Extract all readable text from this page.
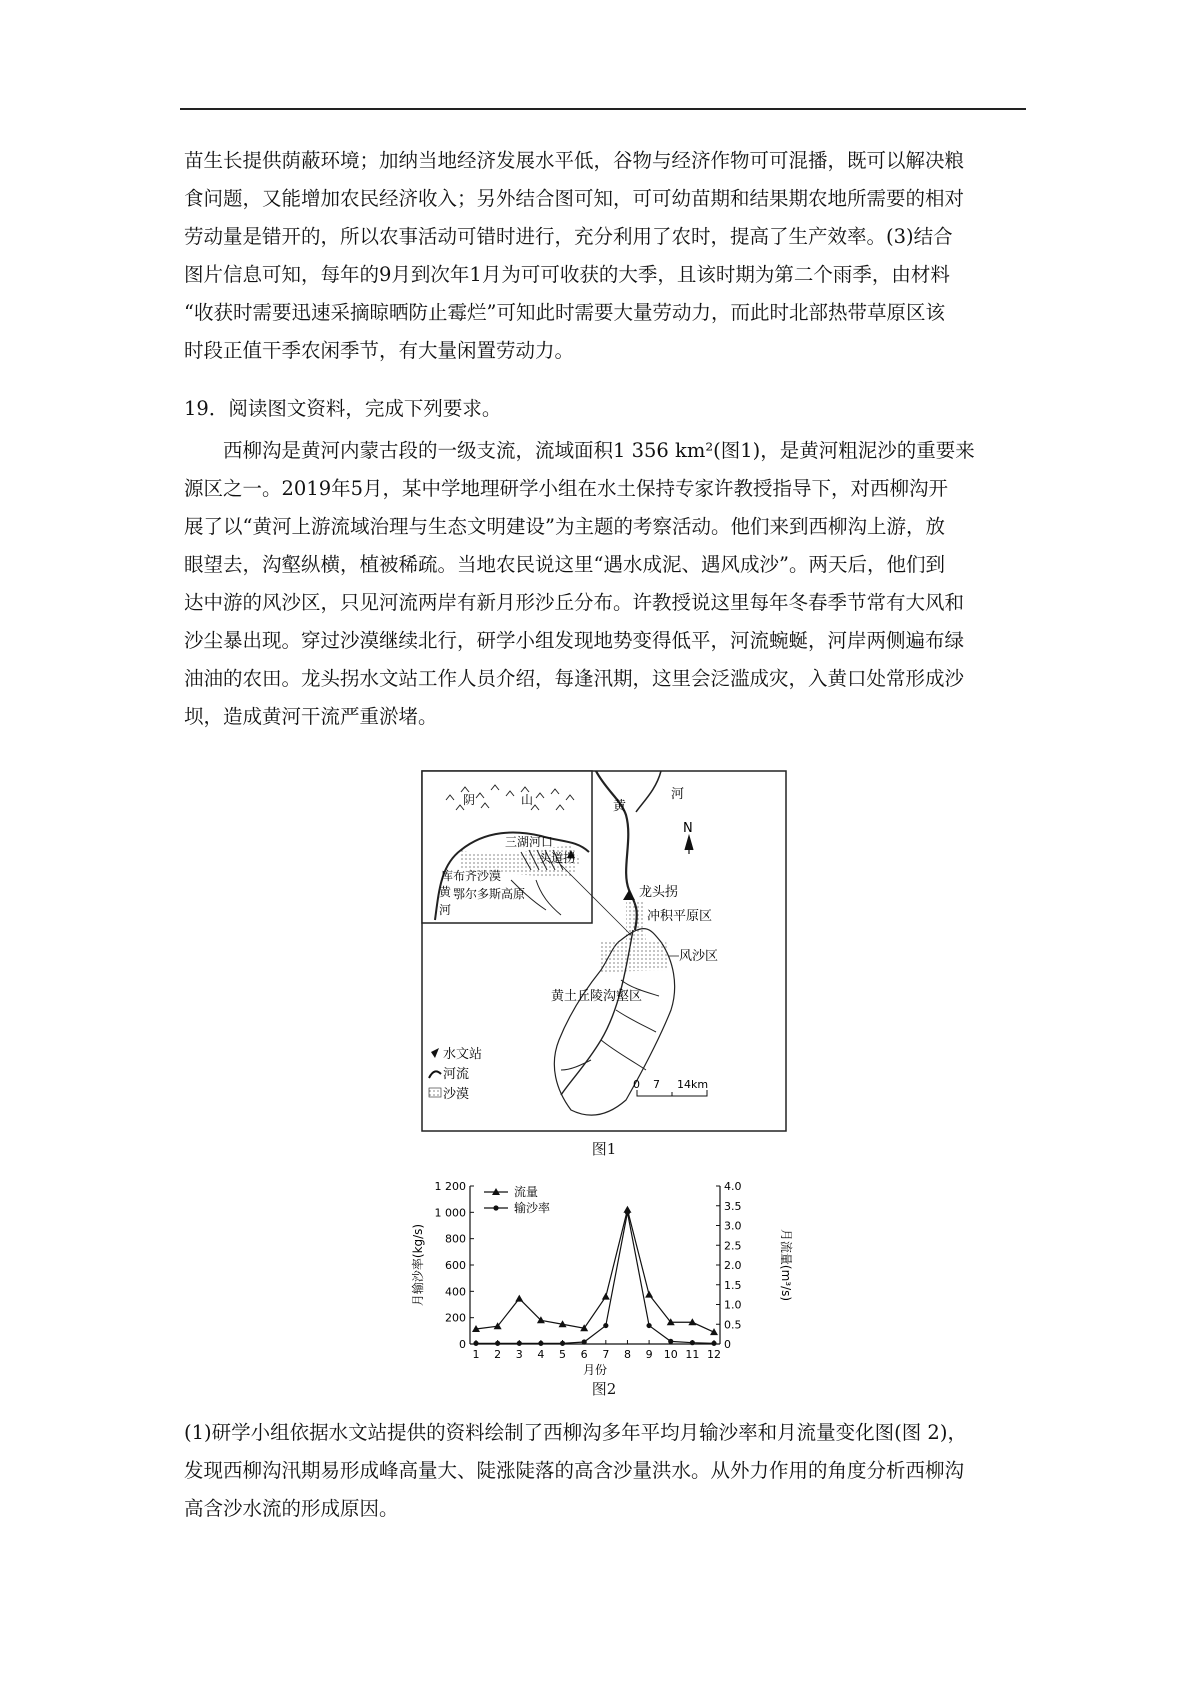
苗生长提供荫蔽环境；加纳当地经济发展水平低，谷物与经济作物可可混播，既可以解决粮

食问题，又能增加农民经济收入；另外结合图可知，可可幼苗期和结果期农地所需要的相对

劳动量是错开的，所以农事活动可错时进行，充分利用了农时，提高了生产效率。(3)结合

图片信息可知，每年的9月到次年1月为可可收获的大季，且该时期为第二个雨季，由材料

“收获时需要迅速采摘晾晒防止霉烂”可知此时需要大量劳动力，而此时北部热带草原区该

时段正值干季农闲季节，有大量闲置劳动力。

19．阅读图文资料，完成下列要求。

西柳沟是黄河内蒙古段的一级支流，流域面积1 356 km²(图1)，是黄河粗泥沙的重要来

源区之一。2019年5月，某中学地理研学小组在水土保持专家许教授指导下，对西柳沟开

展了以“黄河上游流域治理与生态文明建设”为主题的考察活动。他们来到西柳沟上游，放

眼望去，沟壑纵横，植被稀疏。当地农民说这里“遇水成泥、遇风成沙”。两天后，他们到

达中游的风沙区，只见河流两岸有新月形沙丘分布。许教授说这里每年冬春季节常有大风和

沙尘暴出现。穿过沙漠继续北行，研学小组发现地势变得低平，河流蜿蜒，河岸两侧遍布绿

油油的农田。龙头拐水文站工作人员介绍，每逢汛期，这里会泛滥成灾，入黄口处常形成沙

坝，造成黄河干流严重淤堵。

阴	山
三湖河口
头道拐
库布齐沙漠
黄
河
鄂尔多斯高原
黄
河
N
龙头拐
冲积平原区
风沙区
黄土丘陵沟壑区
水文站
河流
沙漠
0 7 14km
图1
0
200
400
600
800
1 000
1 200
0
0.5
1.0
1.5
2.0
2.5
3.0
3.5
4.0
1 2 3 4 5 6 7 8 9 10 11 12
月份
月输沙率(kg/s)	月流量(m³/s)
流量
输沙率
图2

(1)研学小组依据水文站提供的资料绘制了西柳沟多年平均月输沙率和月流量变化图(图 2)，

发现西柳沟汛期易形成峰高量大、陡涨陡落的高含沙量洪水。从外力作用的角度分析西柳沟

高含沙水流的形成原因。
